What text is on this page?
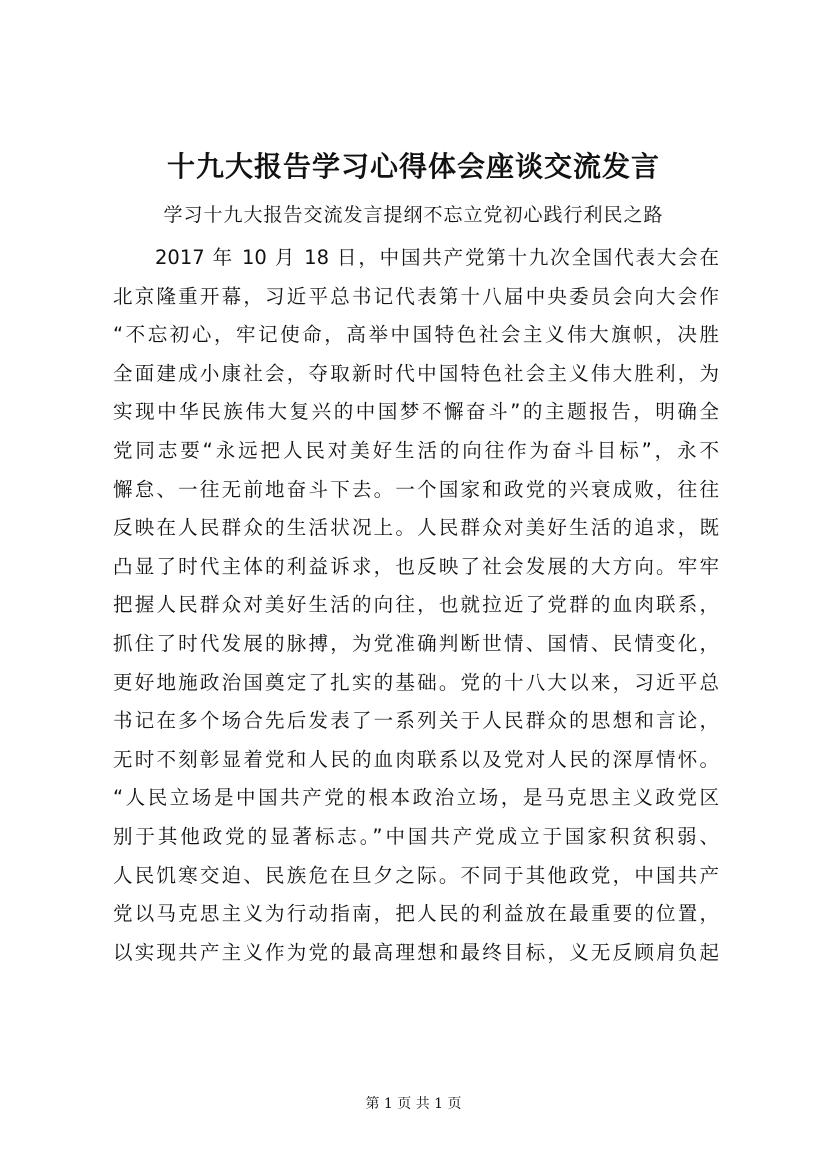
十九大报告学习心得体会座谈交流发言
学习十九大报告交流发言提纲不忘立党初心践行利民之路
2017 年 10 月 18 日，中国共产党第十九次全国代表大会在
北京隆重开幕，习近平总书记代表第十八届中央委员会向大会作
“不忘初心，牢记使命，高举中国特色社会主义伟大旗帜，决胜
全面建成小康社会，夺取新时代中国特色社会主义伟大胜利，为
实现中华民族伟大复兴的中国梦不懈奋斗”的主题报告，明确全
党同志要“永远把人民对美好生活的向往作为奋斗目标”，永不
懈怠、一往无前地奋斗下去。一个国家和政党的兴衰成败，往往
反映在人民群众的生活状况上。人民群众对美好生活的追求，既
凸显了时代主体的利益诉求，也反映了社会发展的大方向。牢牢
把握人民群众对美好生活的向往，也就拉近了党群的血肉联系，
抓住了时代发展的脉搏，为党准确判断世情、国情、民情变化，
更好地施政治国奠定了扎实的基础。党的十八大以来，习近平总
书记在多个场合先后发表了一系列关于人民群众的思想和言论，
无时不刻彰显着党和人民的血肉联系以及党对人民的深厚情怀。
“人民立场是中国共产党的根本政治立场，是马克思主义政党区
别于其他政党的显著标志。”中国共产党成立于国家积贫积弱、
人民饥寒交迫、民族危在旦夕之际。不同于其他政党，中国共产
党以马克思主义为行动指南，把人民的利益放在最重要的位置，
以实现共产主义作为党的最高理想和最终目标，义无反顾肩负起
第 1 页 共 1 页
